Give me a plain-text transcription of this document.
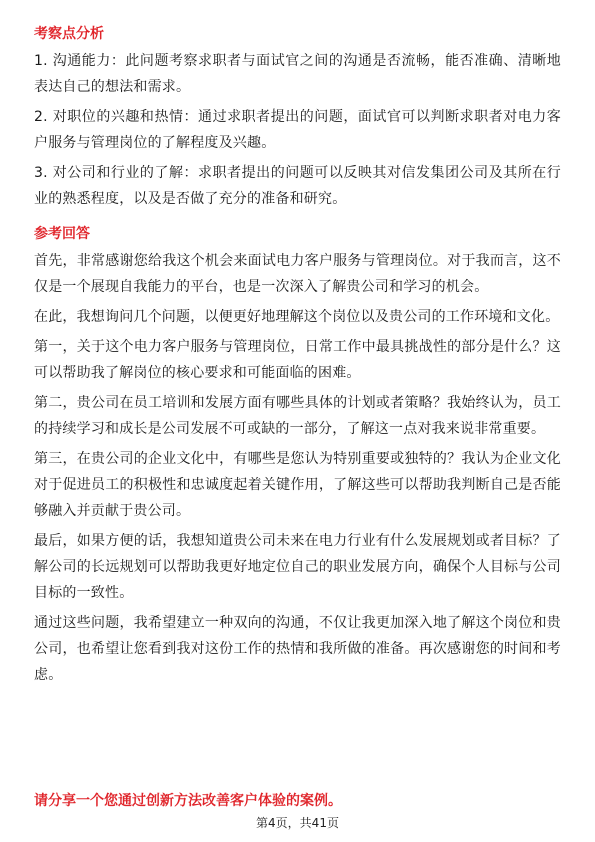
考察点分析

1. 沟通能力：此问题考察求职者与面试官之间的沟通是否流畅，能否准确、清晰地表达自己的想法和需求。

2. 对职位的兴趣和热情：通过求职者提出的问题，面试官可以判断求职者对电力客户服务与管理岗位的了解程度及兴趣。

3. 对公司和行业的了解：求职者提出的问题可以反映其对信发集团公司及其所在行业的熟悉程度，以及是否做了充分的准备和研究。

参考回答

首先，非常感谢您给我这个机会来面试电力客户服务与管理岗位。对于我而言，这不仅是一个展现自我能力的平台，也是一次深入了解贵公司和学习的机会。

在此，我想询问几个问题，以便更好地理解这个岗位以及贵公司的工作环境和文化。

第一，关于这个电力客户服务与管理岗位，日常工作中最具挑战性的部分是什么？这可以帮助我了解岗位的核心要求和可能面临的困难。

第二，贵公司在员工培训和发展方面有哪些具体的计划或者策略？我始终认为，员工的持续学习和成长是公司发展不可或缺的一部分，了解这一点对我来说非常重要。

第三，在贵公司的企业文化中，有哪些是您认为特别重要或独特的？我认为企业文化对于促进员工的积极性和忠诚度起着关键作用，了解这些可以帮助我判断自己是否能够融入并贡献于贵公司。

最后，如果方便的话，我想知道贵公司未来在电力行业有什么发展规划或者目标？了解公司的长远规划可以帮助我更好地定位自己的职业发展方向，确保个人目标与公司目标的一致性。

通过这些问题，我希望建立一种双向的沟通，不仅让我更加深入地了解这个岗位和贵公司，也希望让您看到我对这份工作的热情和我所做的准备。再次感谢您的时间和考虑。

请分享一个您通过创新方法改善客户体验的案例。
第4页，共41页
